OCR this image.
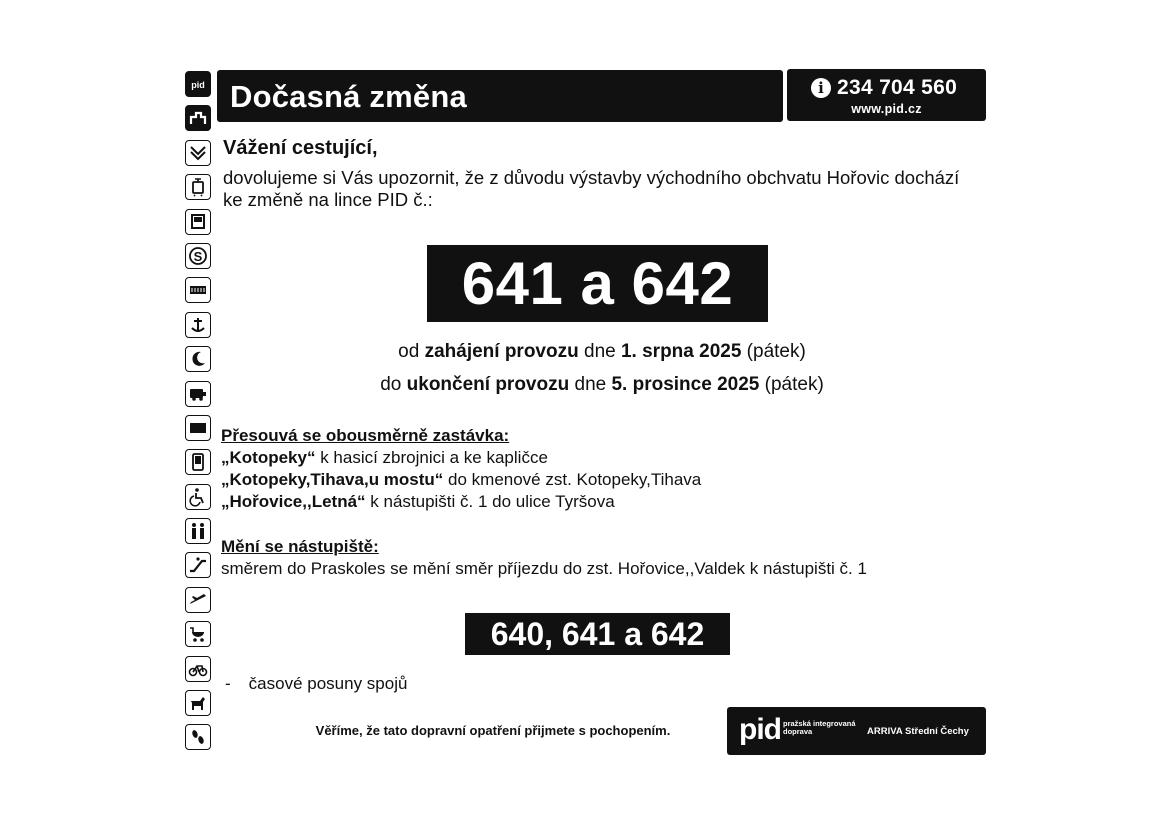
pid
S
Dočasná změna	i 234 704 560
www.pid.cz
Vážení cestující,
dovolujeme si Vás upozornit, že z důvodu výstavby východního obchvatu Hořovic dochází ke změně na lince PID č.:
641 a 642
od zahájení provozu dne 1. srpna 2025 (pátek)
do ukončení provozu dne 5. prosince 2025 (pátek)
Přesouvá se obousměrně zastávka:
„Kotopeky“ k hasicí zbrojnici a ke kapličce
„Kotopeky,Tihava,u mostu“ do kmenové zst. Kotopeky,Tihava
„Hořovice,,Letná“ k nástupišti č. 1 do ulice Tyršova
Mění se nástupiště:
směrem do Praskoles se mění směr příjezdu do zst. Hořovice,,Valdek k nástupišti č. 1
640, 641 a 642
- časové posuny spojů
Věříme, že tato dopravní opatření přijmete s pochopením.	pid pražská integrovaná doprava	ARRIVA Střední Čechy
